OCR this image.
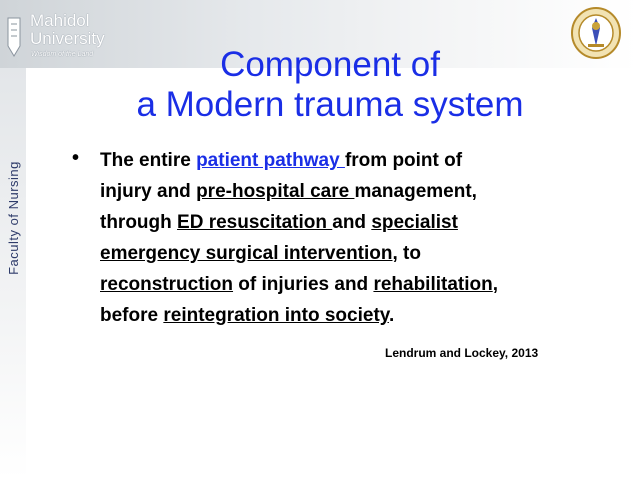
Faculty of Nursing
Mahidol
University
Wisdom of the Land	Component of
a Modern trauma system
• The entire patient pathway from point of
injury and pre-hospital care management,
through ED resuscitation and specialist
emergency surgical intervention, to
reconstruction of injuries and rehabilitation,
before reintegration into society.
Lendrum and Lockey, 2013
